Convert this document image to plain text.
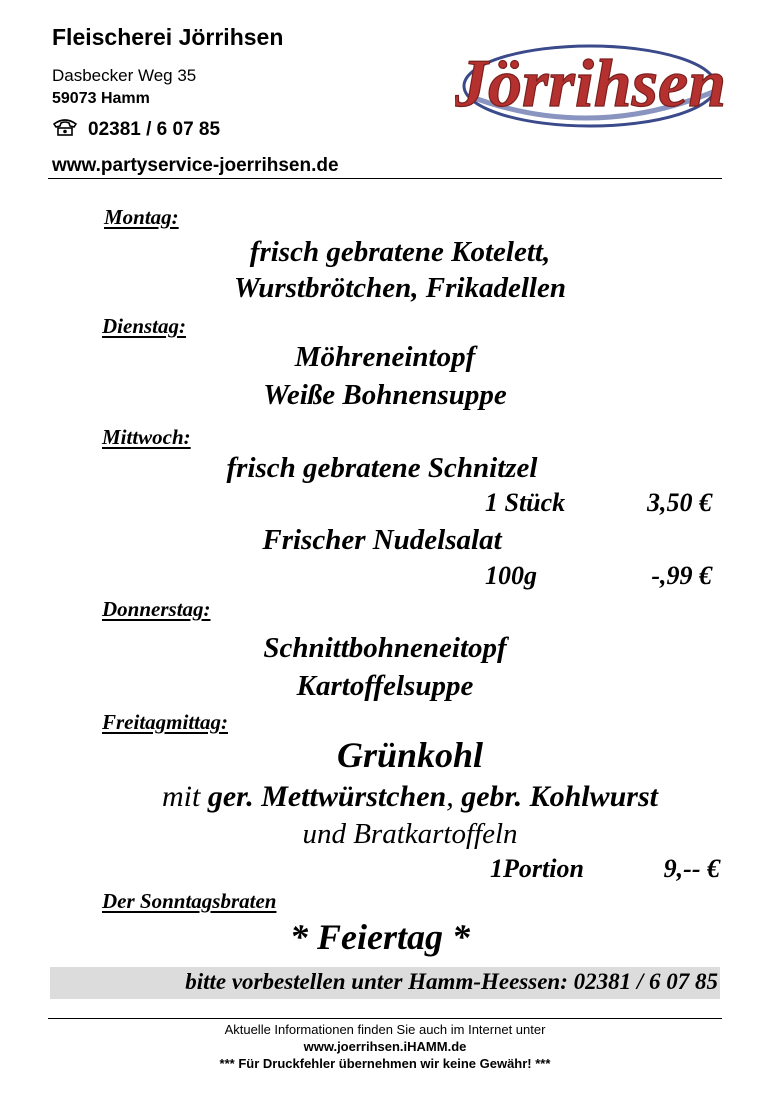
Fleischerei Jörrihsen
Dasbecker Weg 35
59073 Hamm
02381 / 6 07 85
www.partyservice-joerrihsen.de
Jörrihsen
Montag:
frisch gebratene Kotelett,
Wurstbrötchen, Frikadellen
Dienstag:
Möhreneintopf
Weiße Bohnensuppe
Mittwoch:
frisch gebratene Schnitzel
1 Stück	3,50 €
Frischer Nudelsalat
100g	-,99 €
Donnerstag:
Schnittbohneneitopf
Kartoffelsuppe
Freitagmittag:
Grünkohl
mit ger. Mettwürstchen, gebr. Kohlwurst
und Bratkartoffeln
1Portion	9,-- €
Der Sonntagsbraten
* Feiertag *
bitte vorbestellen unter Hamm-Heessen: 02381 / 6 07 85
Aktuelle Informationen finden Sie auch im Internet unter
www.joerrihsen.iHAMM.de
*** Für Druckfehler übernehmen wir keine Gewähr! ***
